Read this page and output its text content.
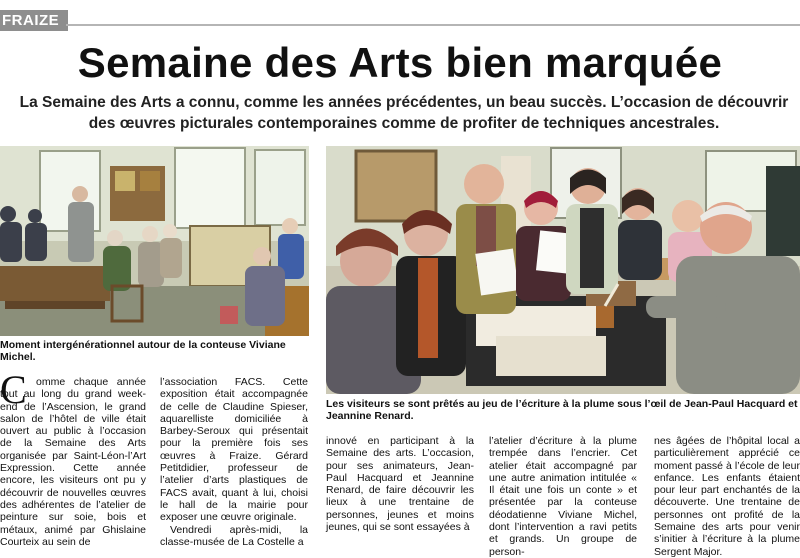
FRAIZE
Semaine des Arts bien marquée
La Semaine des Arts a connu, comme les années précédentes, un beau succès. L’occasion de découvrir des œuvres picturales contemporaines comme de profiter de techniques ancestrales.
Moment intergénérationnel autour de la conteuse Viviane Michel.
Les visiteurs se sont prêtés au jeu de l’écriture à la plume sous l’œil de Jean-Paul Hacquard et Jeannine Renard.
C omme chaque année tout au long du grand week-end de l’Ascension, le grand salon de l’hôtel de ville était ouvert au public à l’occasion de la Semaine des Arts organisée par Saint-Léon-l’Art Expression. Cette année encore, les visiteurs ont pu y découvrir de nouvelles œuvres des adhérentes de l’atelier de peinture sur soie, bois et métaux, animé par Ghislaine Courteix au sein de

l’association FACS. Cette exposition était accompagnée de celle de Claudine Spieser, aquarelliste domiciliée à Barbey-Seroux qui présentait pour la première fois ses œuvres à Fraize. Gérard Petitdidier, professeur de l’atelier d’arts plastiques de FACS avait, quant à lui, choisi le hall de la mairie pour exposer une œuvre originale.

Vendredi après-midi, la classe-musée de La Costelle a

innové en participant à la Semaine des arts. L’occasion, pour ses animateurs, Jean-Paul Hacquard et Jeannine Renard, de faire découvrir les lieux à une trentaine de personnes, jeunes et moins jeunes, qui se sont essayées à

l’atelier d’écriture à la plume trempée dans l’encrier. Cet atelier était accompagné par une autre animation intitulée « Il était une fois un conte » et présentée par la conteuse déodatienne Viviane Michel, dont l’intervention a ravi petits et grands. Un groupe de person-

nes âgées de l’hôpital local a particulièrement apprécié ce moment passé à l’école de leur enfance. Les enfants étaient pour leur part enchantés de la découverte. Une trentaine de personnes ont profité de la Semaine des arts pour venir s’initier à l’écriture à la plume Sergent Major.
